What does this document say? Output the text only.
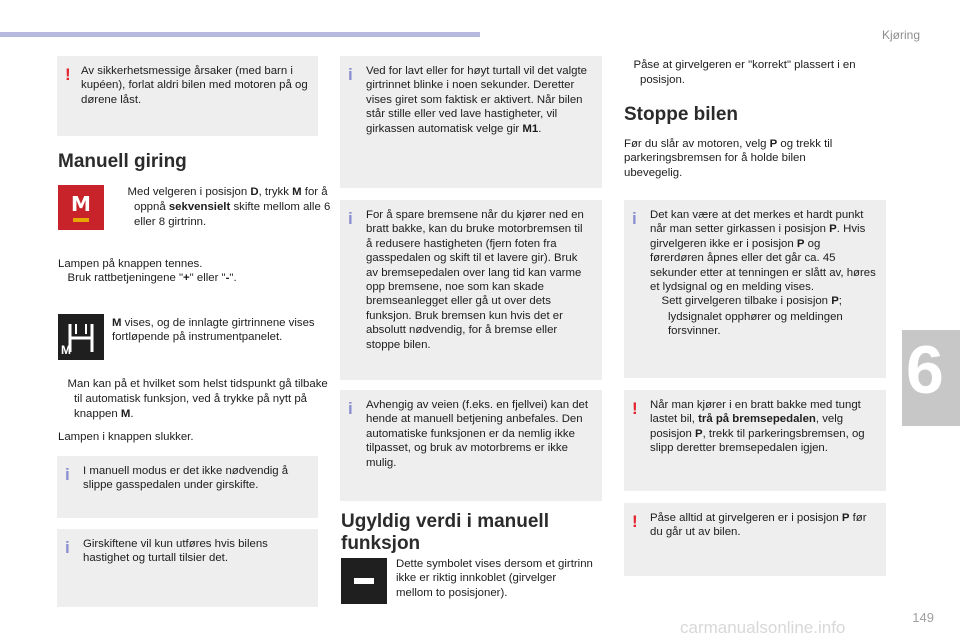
Kjøring
6
149
carmanualsonline.info
! Av sikkerhetsmessige årsaker (med barn i kupéen), forlat aldri bilen med motoren på og dørene låst.
Manuell giring
M	Med velgeren i posisjon D, trykk M for å oppnå sekvensielt skifte mellom alle 6 eller 8 girtrinn.
Lampen på knappen tennes.
Bruk rattbetjeningene "+" eller "-".
M
M vises, og de innlagte girtrinnene vises fortløpende på instrumentpanelet.
Man kan på et hvilket som helst tidspunkt gå tilbake til automatisk funksjon, ved å trykke på nytt på knappen M.
Lampen i knappen slukker.
i I manuell modus er det ikke nødvendig å slippe gasspedalen under girskifte.
i Girskiftene vil kun utføres hvis bilens hastighet og turtall tilsier det.
i Ved for lavt eller for høyt turtall vil det valgte girtrinnet blinke i noen sekunder. Deretter vises giret som faktisk er aktivert. Når bilen står stille eller ved lave hastigheter, vil girkassen automatisk velge gir M1.
i For å spare bremsene når du kjører ned en bratt bakke, kan du bruke motorbremsen til å redusere hastigheten (fjern foten fra gasspedalen og skift til et lavere gir). Bruk av bremsepedalen over lang tid kan varme opp bremsene, noe som kan skade bremseanlegget eller gå ut over dets funksjon. Bruk bremsen kun hvis det er absolutt nødvendig, for å bremse eller stoppe bilen.
i Avhengig av veien (f.eks. en fjellvei) kan det hende at manuell betjening anbefales. Den automatiske funksjonen er da nemlig ikke tilpasset, og bruk av motorbrems er ikke mulig.
Ugyldig verdi i manuell funksjon
Dette symbolet vises dersom et girtrinn ikke er riktig innkoblet (girvelger mellom to posisjoner).
Påse at girvelgeren er "korrekt" plassert i en posisjon.
Stoppe bilen
Før du slår av motoren, velg P og trekk til parkeringsbremsen for å holde bilen ubevegelig.
i Det kan være at det merkes et hardt punkt når man setter girkassen i posisjon P. Hvis girvelgeren ikke er i posisjon P og førerdøren åpnes eller det går ca. 45 sekunder etter at tenningen er slått av, høres et lydsignal og en melding vises.
Sett girvelgeren tilbake i posisjon P; lydsignalet opphører og meldingen forsvinner.
! Når man kjører i en bratt bakke med tungt lastet bil, trå på bremsepedalen, velg posisjon P, trekk til parkeringsbremsen, og slipp deretter bremsepedalen igjen.
! Påse alltid at girvelgeren er i posisjon P før du går ut av bilen.
